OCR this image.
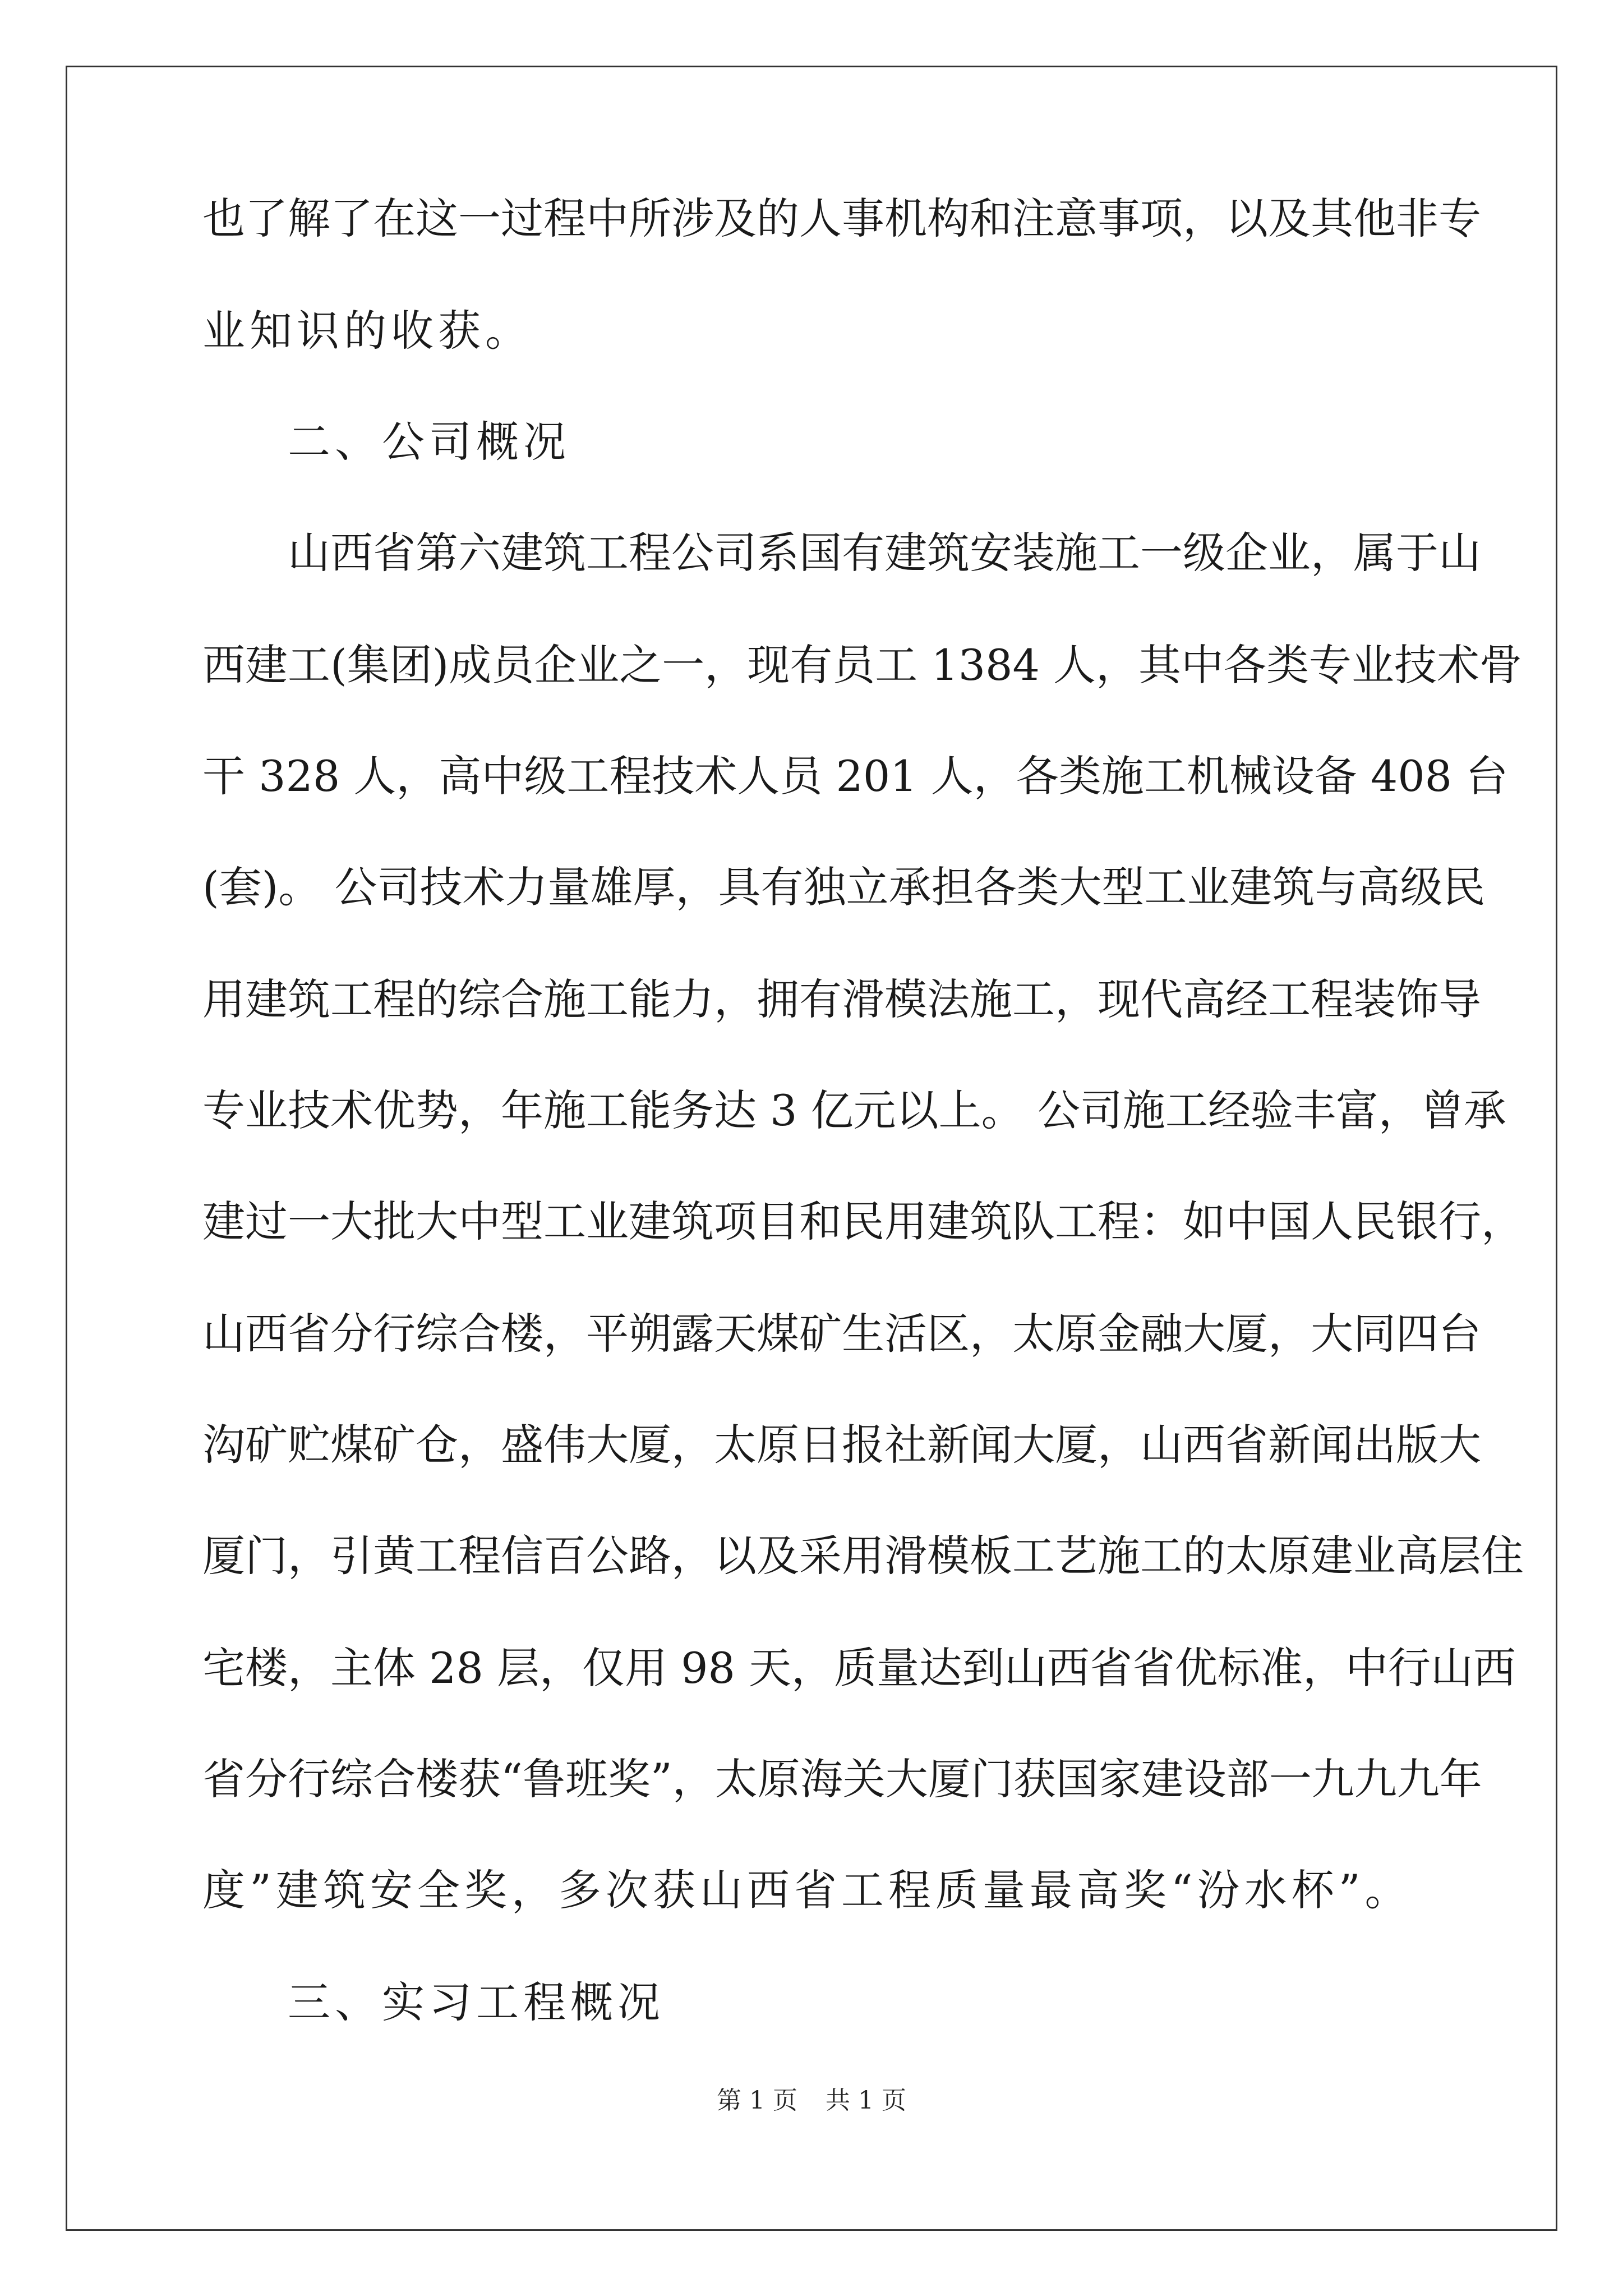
也了解了在这一过程中所涉及的人事机构和注意事项，以及其他非专
业知识的收获。
二、公司概况
山西省第六建筑工程公司系国有建筑安装施工一级企业，属于山
西建工(集团)成员企业之一，现有员工 1384 人，其中各类专业技术骨
干 328 人，高中级工程技术人员 201 人，各类施工机械设备 408 台
(套)。 公司技术力量雄厚，具有独立承担各类大型工业建筑与高级民
用建筑工程的综合施工能力，拥有滑模法施工，现代高经工程装饰导
专业技术优势，年施工能务达 3 亿元以上。 公司施工经验丰富，曾承
建过一大批大中型工业建筑项目和民用建筑队工程：如中国人民银行，
山西省分行综合楼，平朔露天煤矿生活区，太原金融大厦，大同四台
沟矿贮煤矿仓，盛伟大厦，太原日报社新闻大厦，山西省新闻出版大
厦门，引黄工程信百公路，以及采用滑模板工艺施工的太原建业高层住
宅楼，主体 28 层，仅用 98 天，质量达到山西省省优标准，中行山西
省分行综合楼获“鲁班奖”，太原海关大厦门获国家建设部一九九九年
度”建筑安全奖，多次获山西省工程质量最高奖“汾水杯”。
三、实习工程概况
第 1 页 共 1 页
